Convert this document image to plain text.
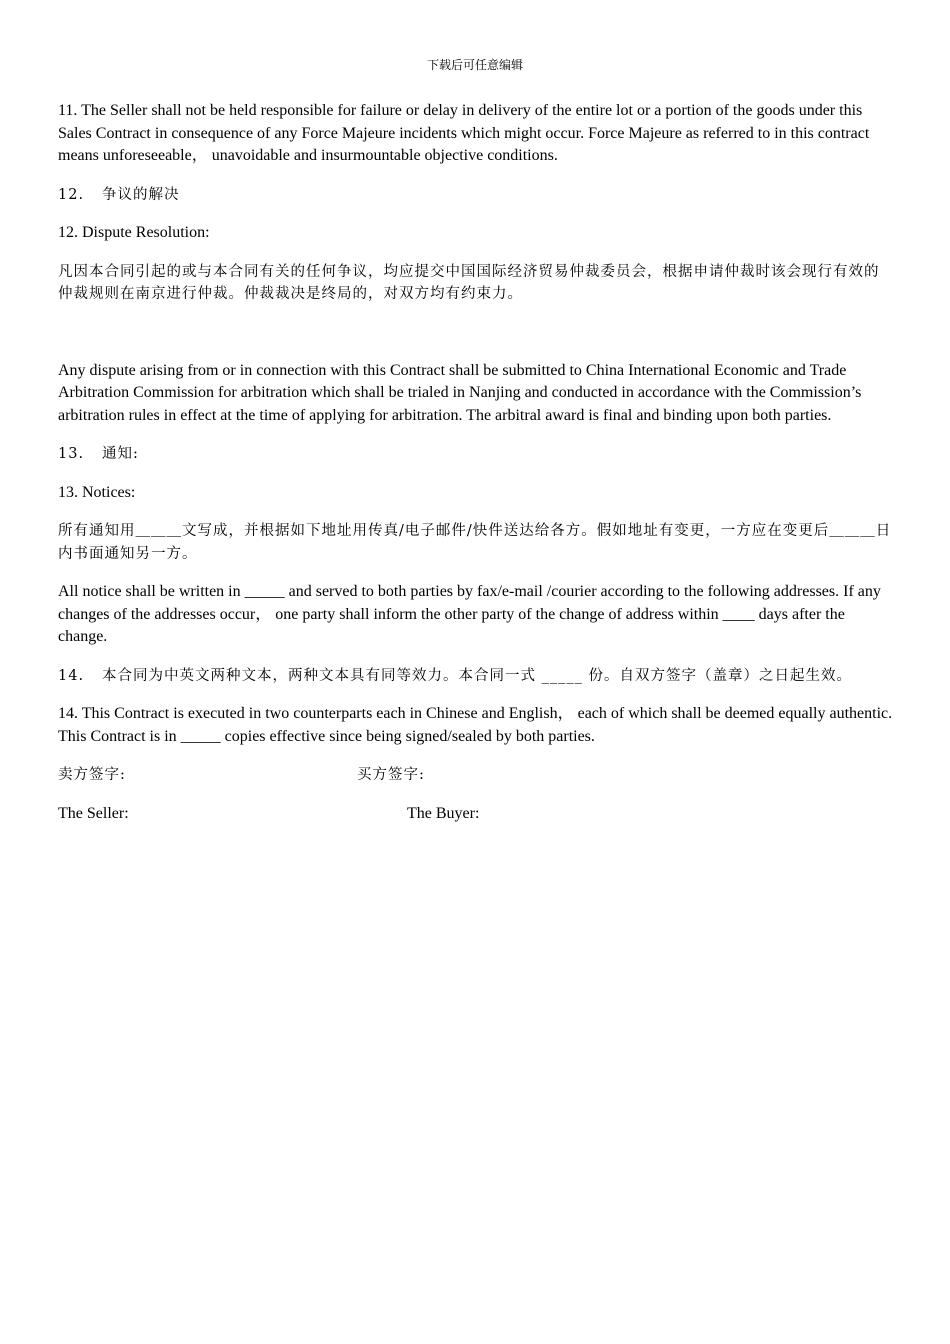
下载后可任意编辑

11. The Seller shall not be held responsible for failure or delay in delivery of the entire lot or a portion of the goods under this Sales Contract in consequence of any Force Majeure incidents which might occur. Force Majeure as referred to in this contract means unforeseeable， unavoidable and insurmountable objective conditions.

12. 争议的解决

12. Dispute Resolution:

凡因本合同引起的或与本合同有关的任何争议，均应提交中国国际经济贸易仲裁委员会，根据申请仲裁时该会现行有效的仲裁规则在南京进行仲裁。仲裁裁决是终局的，对双方均有约束力。

Any dispute arising from or in connection with this Contract shall be submitted to China International Economic and Trade Arbitration Commission for arbitration which shall be trialed in Nanjing and conducted in accordance with the Commission’s arbitration rules in effect at the time of applying for arbitration. The arbitral award is final and binding upon both parties.

13. 通知:

13. Notices:

所有通知用＿＿＿文写成，并根据如下地址用传真/电子邮件/快件送达给各方。假如地址有变更，一方应在变更后＿＿＿日内书面通知另一方。

All notice shall be written in _____ and served to both parties by fax/e-mail /courier according to the following addresses. If any changes of the addresses occur， one party shall inform the other party of the change of address within ____ days after the change.

14. 本合同为中英文两种文本，两种文本具有同等效力。本合同一式 _____ 份。自双方签字（盖章）之日起生效。

14. This Contract is executed in two counterparts each in Chinese and English， each of which shall be deemed equally authentic. This Contract is in _____ copies effective since being signed/sealed by both parties.

卖方签字:	买方签字:
The Seller:	The Buyer:
